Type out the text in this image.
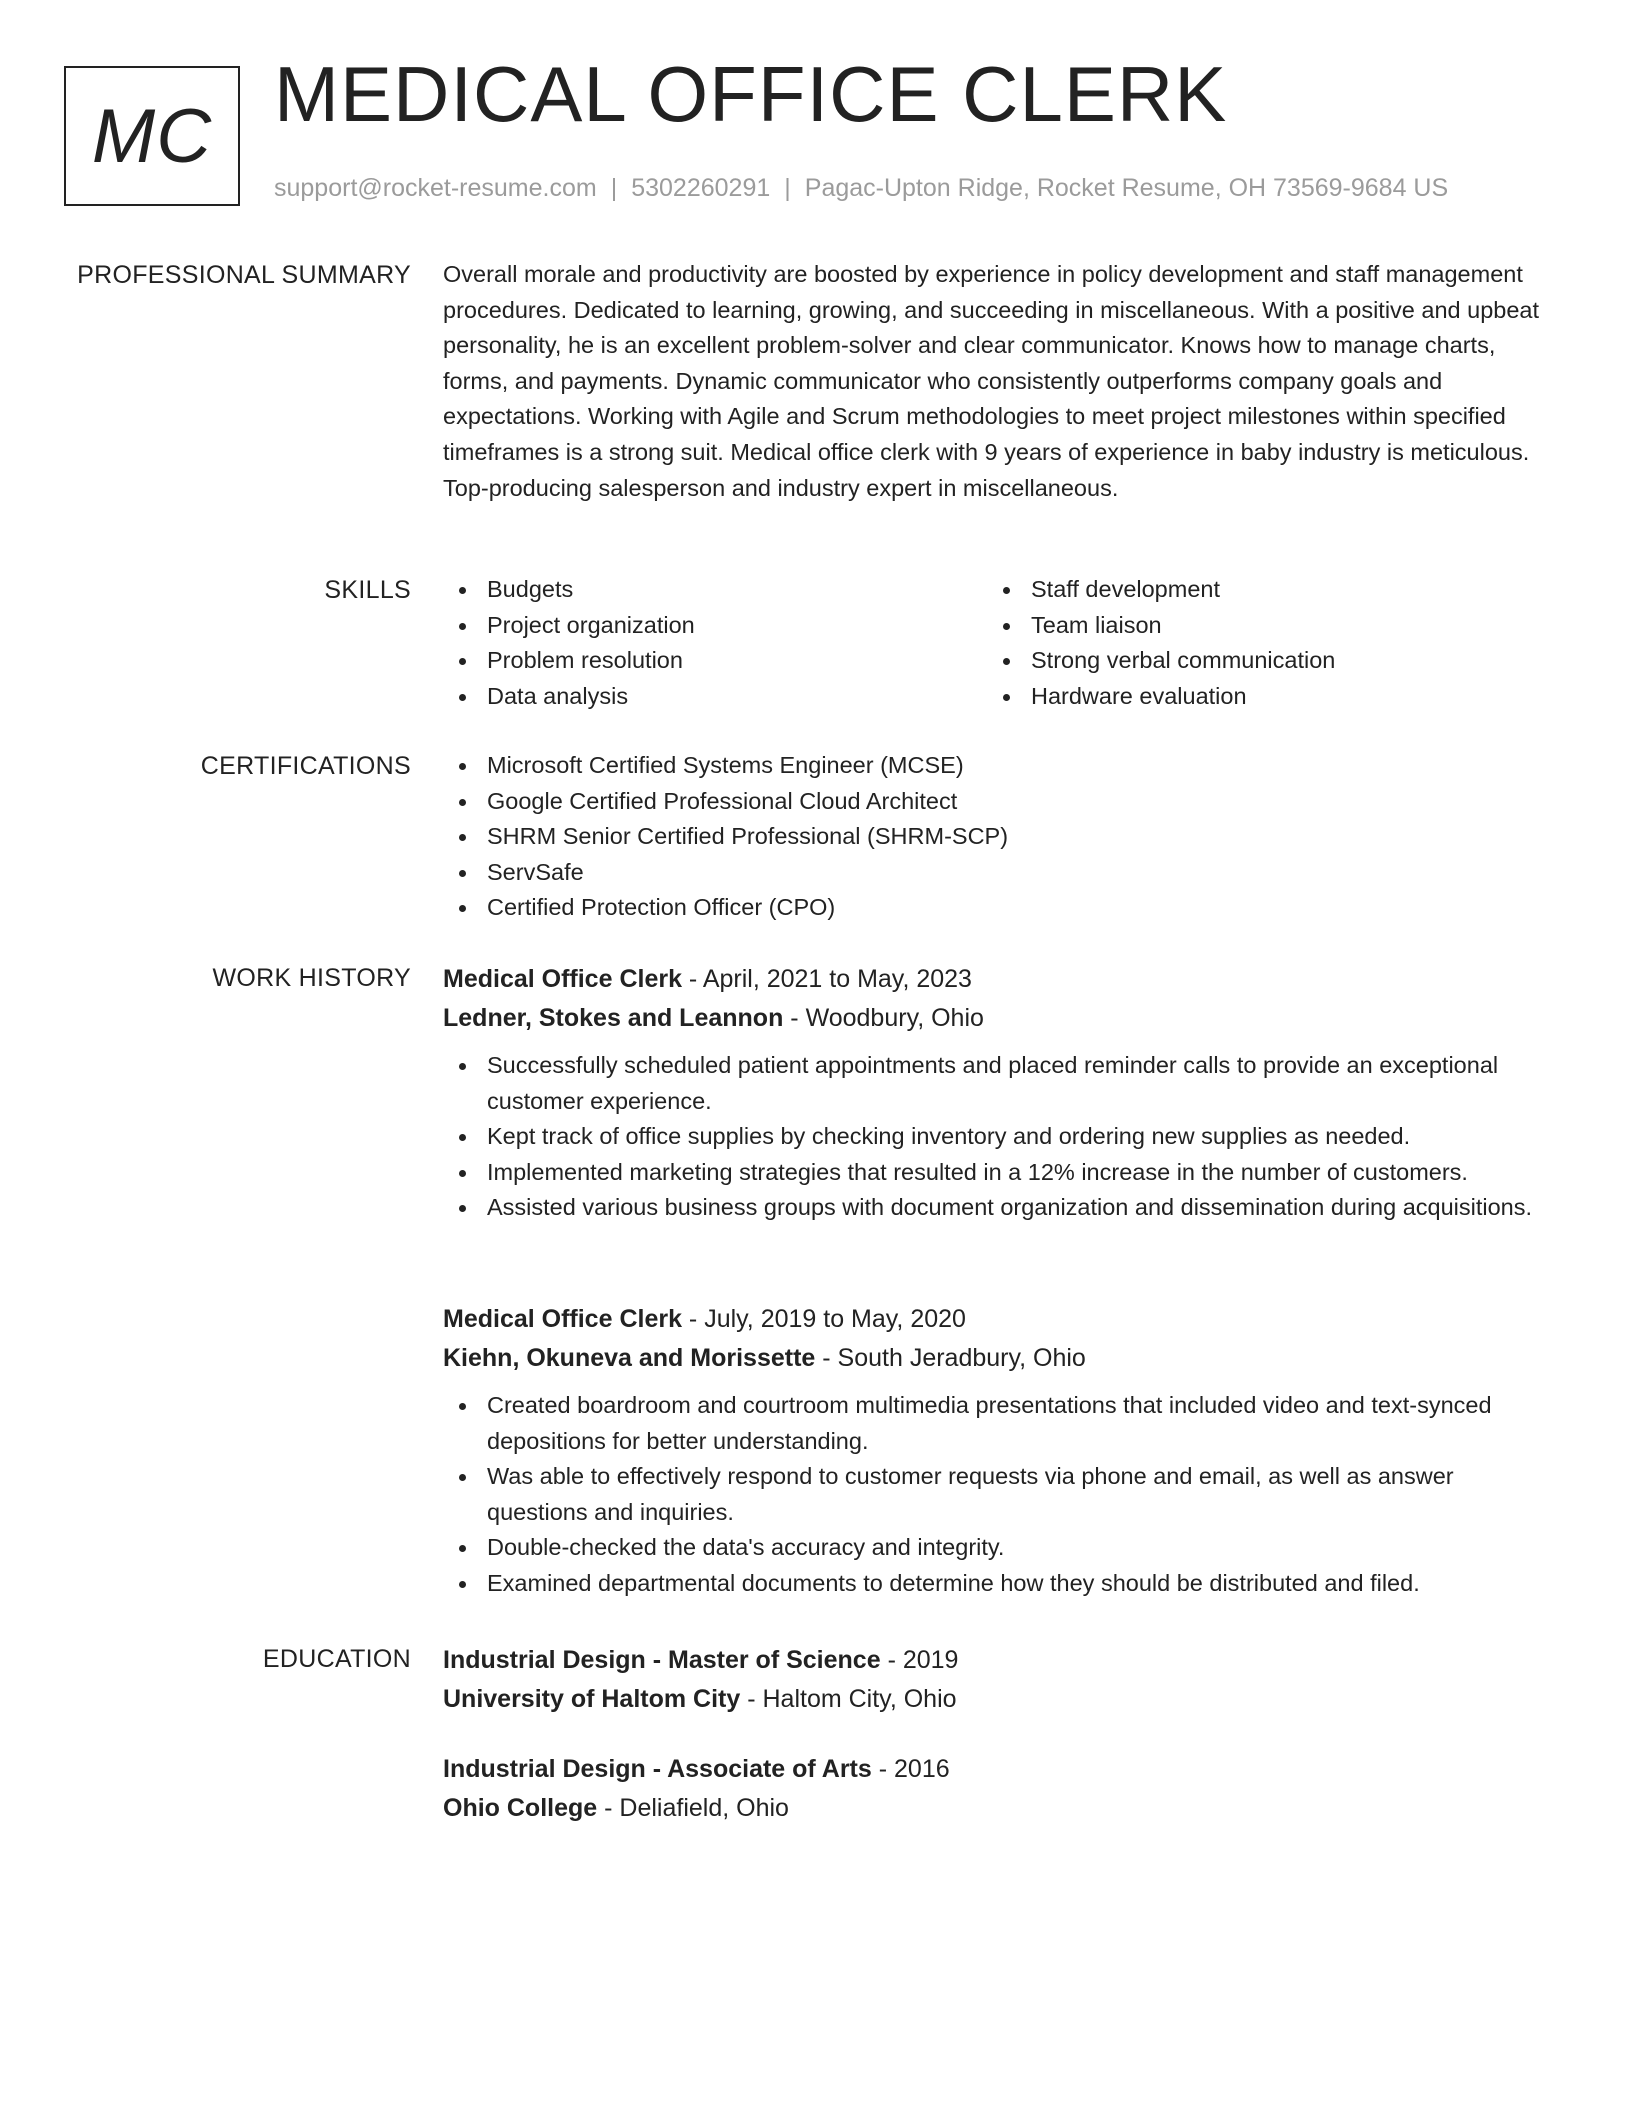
MC MEDICAL OFFICE CLERK
support@rocket-resume.com | 5302260291 | Pagac-Upton Ridge, Rocket Resume, OH 73569-9684 US
PROFESSIONAL SUMMARY Overall morale and productivity are boosted by experience in policy development and staff management procedures. Dedicated to learning, growing, and succeeding in miscellaneous. With a positive and upbeat personality, he is an excellent problem-solver and clear communicator. Knows how to manage charts, forms, and payments. Dynamic communicator who consistently outperforms company goals and expectations. Working with Agile and Scrum methodologies to meet project milestones within specified timeframes is a strong suit. Medical office clerk with 9 years of experience in baby industry is meticulous. Top-producing salesperson and industry expert in miscellaneous.

SKILLS	Budgets
Project organization
Problem resolution
Data analysis
Staff development
Team liaison
Strong verbal communication
Hardware evaluation
CERTIFICATIONS	Microsoft Certified Systems Engineer (MCSE)
Google Certified Professional Cloud Architect
SHRM Senior Certified Professional (SHRM-SCP)
ServSafe
Certified Protection Officer (CPO)
WORK HISTORY Medical Office Clerk - April, 2021 to May, 2023
Ledner, Stokes and Leannon - Woodbury, Ohio
Successfully scheduled patient appointments and placed reminder calls to provide an exceptional customer experience.
Kept track of office supplies by checking inventory and ordering new supplies as needed.
Implemented marketing strategies that resulted in a 12% increase in the number of customers.
Assisted various business groups with document organization and dissemination during acquisitions.
Medical Office Clerk - July, 2019 to May, 2020
Kiehn, Okuneva and Morissette - South Jeradbury, Ohio
Created boardroom and courtroom multimedia presentations that included video and text-synced depositions for better understanding.
Was able to effectively respond to customer requests via phone and email, as well as answer questions and inquiries.
Double-checked the data's accuracy and integrity.
Examined departmental documents to determine how they should be distributed and filed.
EDUCATION Industrial Design - Master of Science - 2019
University of Haltom City - Haltom City, Ohio
Industrial Design - Associate of Arts - 2016
Ohio College - Deliafield, Ohio
